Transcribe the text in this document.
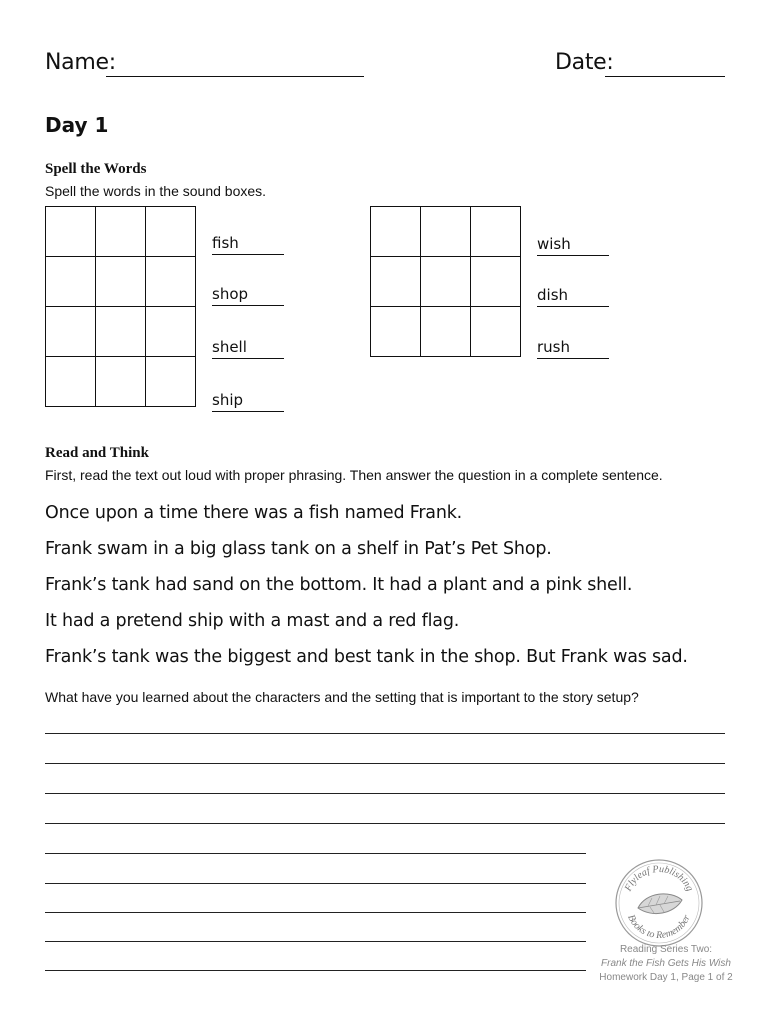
Name:	Date:
Day 1
Spell the Words
Spell the words in the sound boxes.

fish
shop
shell
ship

wish
dish
rush
Read and Think
First, read the text out loud with proper phrasing. Then answer the question in a complete sentence.
Once upon a time there was a fish named Frank.
Frank swam in a big glass tank on a shelf in Pat’s Pet Shop.
Frank’s tank had sand on the bottom. It had a plant and a pink shell.
It had a pretend ship with a mast and a red flag.
Frank’s tank was the biggest and best tank in the shop. But Frank was sad.
What have you learned about the characters and the setting that is important to the story setup?
Flyleaf Publishing
Books to Remember
Reading Series Two:
Frank the Fish Gets His Wish
Homework Day 1, Page 1 of 2
